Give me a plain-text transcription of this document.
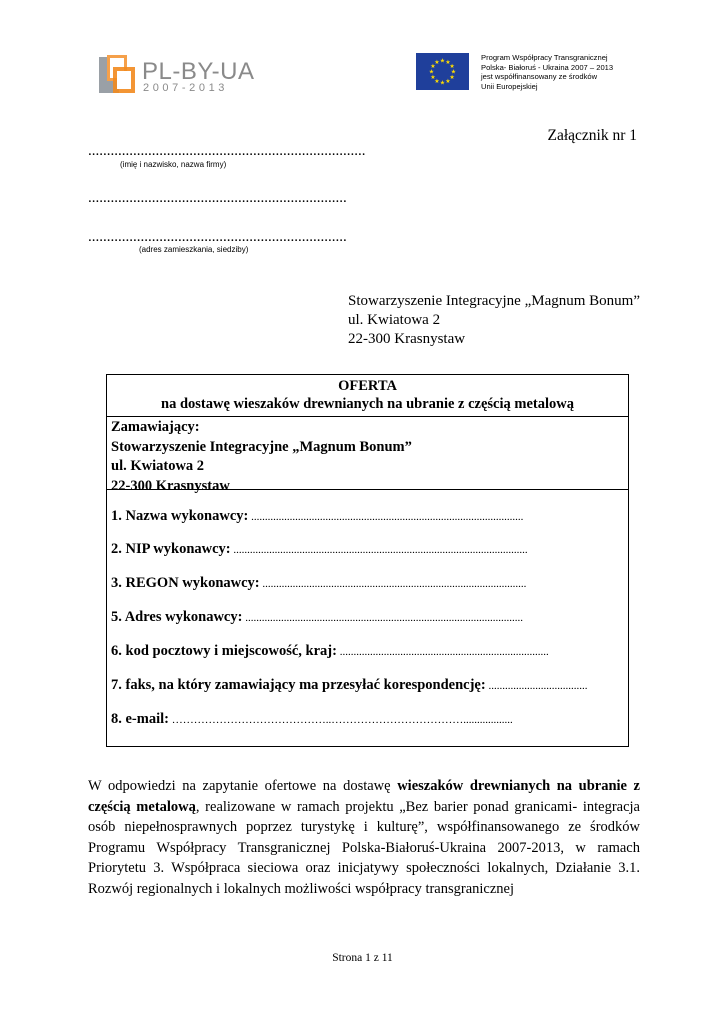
PL-BY-UA
2007-2013
★
★
★
★
★
★
★
★
★ ★ ★
★
Program Współpracy Transgranicznej
Polska- Białoruś - Ukraina 2007 – 2013
jest współfinansowany ze środków
Unii Europejskiej
Załącznik nr 1
..........................................................................
(imię i nazwisko, nazwa firmy)
.....................................................................
.....................................................................
(adres zamieszkania, siedziby)
Stowarzyszenie Integracyjne „Magnum Bonum”
ul. Kwiatowa 2
22-300 Krasnystaw
OFERTA
na dostawę wieszaków drewnianych na ubranie z częścią metalową
Zamawiający:
Stowarzyszenie Integracyjne „Magnum Bonum”
ul. Kwiatowa 2
22-300 Krasnystaw
1. Nazwa wykonawcy: ...................................................................................................
2. NIP wykonawcy: ...........................................................................................................
3. REGON wykonawcy: ................................................................................................
5. Adres wykonawcy: .....................................................................................................
6. kod pocztowy i miejscowość, kraj: ............................................................................
7. faks, na który zamawiający ma przesyłać korespondencję: ....................................
8. e-mail: ……………………………………..………………………………..................
W odpowiedzi na zapytanie ofertowe na dostawę wieszaków drewnianych na ubranie z częścią metalową, realizowane w ramach projektu „Bez barier ponad granicami- integracja osób niepełnosprawnych poprzez turystykę i kulturę”, współfinansowanego ze środków Programu Współpracy Transgranicznej Polska-Białoruś-Ukraina 2007-2013, w ramach Priorytetu 3. Współpraca sieciowa oraz inicjatywy społeczności lokalnych, Działanie 3.1. Rozwój regionalnych i lokalnych możliwości współpracy transgranicznej
Strona 1 z 11
